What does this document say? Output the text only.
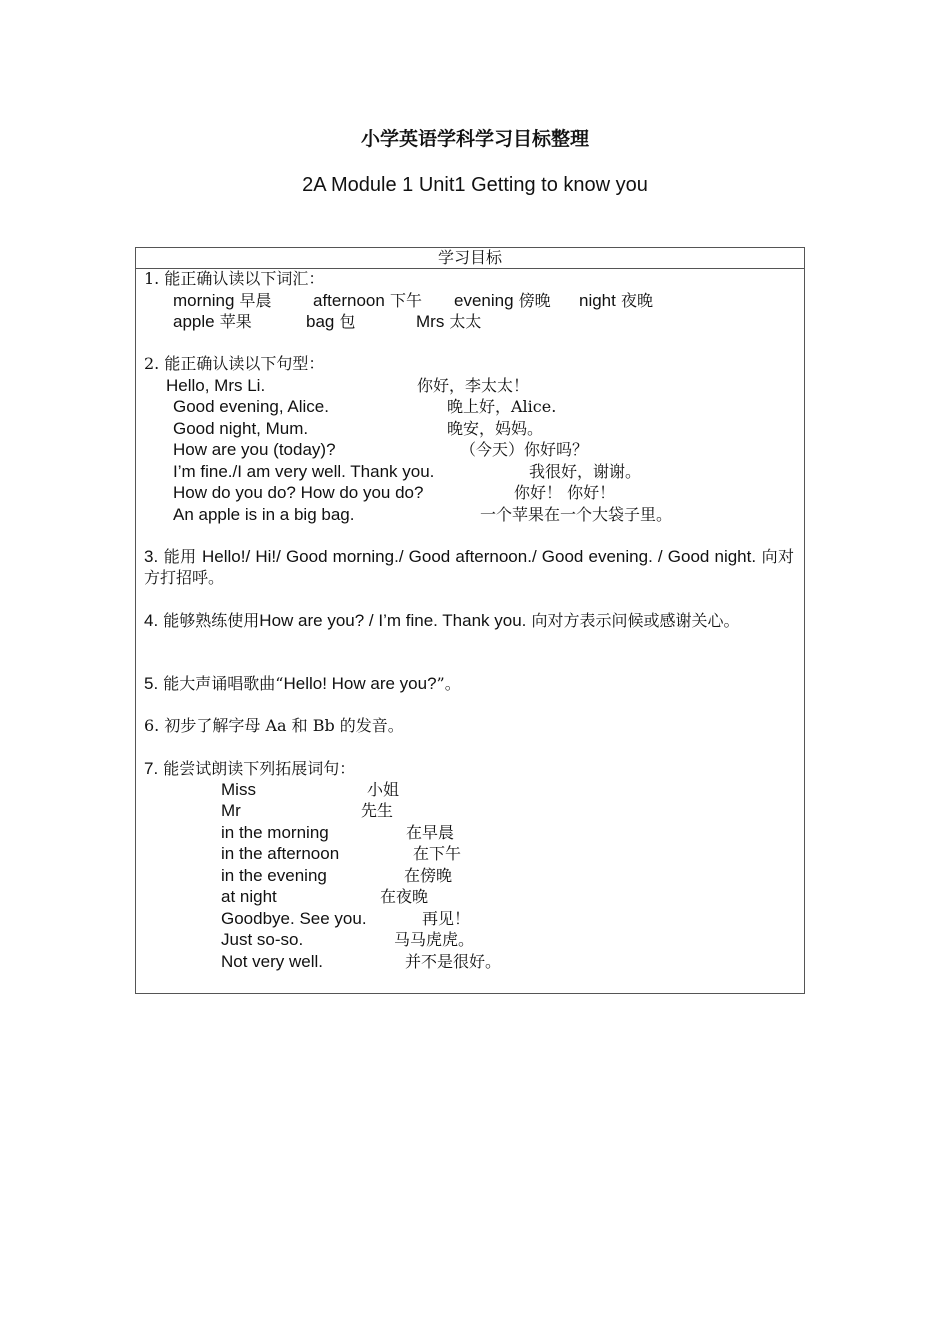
小学英语学科学习目标整理
2A Module 1 Unit1 Getting to know you
学习目标
1. 能正确认读以下词汇：
morning 早晨 afternoon 下午 evening 傍晚 night 夜晚
apple 苹果	bag 包	Mrs 太太
2. 能正确认读以下句型：
Hello, Mrs Li.	你好，李太太！
Good evening, Alice.	晚上好，Alice.
Good night, Mum.	晚安，妈妈。
How are you (today)?	（今天）你好吗？
I’m fine./I am very well. Thank you.	我很好，谢谢。
How do you do? How do you do?	你好！ 你好！
An apple is in a big bag.	一个苹果在一个大袋子里。
3. 能用 Hello!/ Hi!/ Good morning./ Good afternoon./ Good evening. / Good night. 向对方打招呼。
4. 能够熟练使用How are you? / I’m fine. Thank you. 向对方表示问候或感谢关心。
5. 能大声诵唱歌曲“Hello! How are you?”。
6. 初步了解字母 Aa 和 Bb 的发音。
7. 能尝试朗读下列拓展词句：
Miss	小姐
Mr	先生
in the morning	在早晨
in the afternoon	在下午
in the evening	在傍晚
at night	在夜晚
Goodbye. See you.	再见！
Just so-so.	马马虎虎。
Not very well.	并不是很好。
